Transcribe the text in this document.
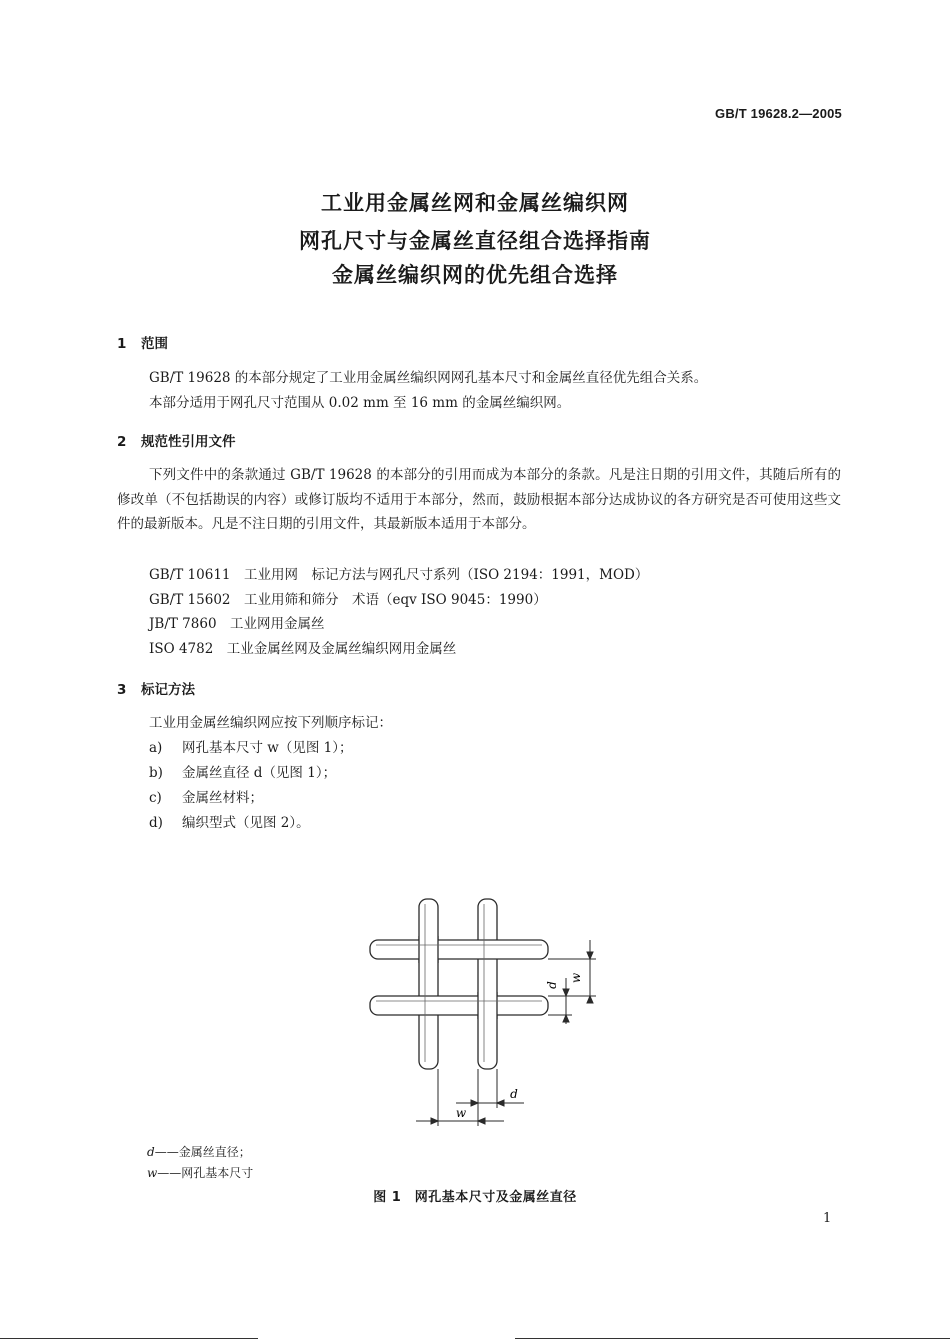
GB/T 19628.2—2005
工业用金属丝网和金属丝编织网
网孔尺寸与金属丝直径组合选择指南
金属丝编织网的优先组合选择
1 范围
GB/T 19628 的本部分规定了工业用金属丝编织网网孔基本尺寸和金属丝直径优先组合关系。
本部分适用于网孔尺寸范围从 0.02 mm 至 16 mm 的金属丝编织网。
2 规范性引用文件
下列文件中的条款通过 GB/T 19628 的本部分的引用而成为本部分的条款。凡是注日期的引用文件，其随后所有的修改单（不包括勘误的内容）或修订版均不适用于本部分，然而，鼓励根据本部分达成协议的各方研究是否可使用这些文件的最新版本。凡是不注日期的引用文件，其最新版本适用于本部分。
GB/T 10611　工业用网　标记方法与网孔尺寸系列（ISO 2194：1991，MOD）
GB/T 15602　工业用筛和筛分　术语（eqv ISO 9045：1990）
JB/T 7860　工业网用金属丝
ISO 4782　工业金属丝网及金属丝编织网用金属丝
3 标记方法
工业用金属丝编织网应按下列顺序标记：
a) 网孔基本尺寸 w（见图 1）；
b) 金属丝直径 d（见图 1）；
c) 金属丝材料；
d) 编织型式（见图 2）。
w
d
w
d
d——金属丝直径；
w——网孔基本尺寸
图 1　网孔基本尺寸及金属丝直径
1
